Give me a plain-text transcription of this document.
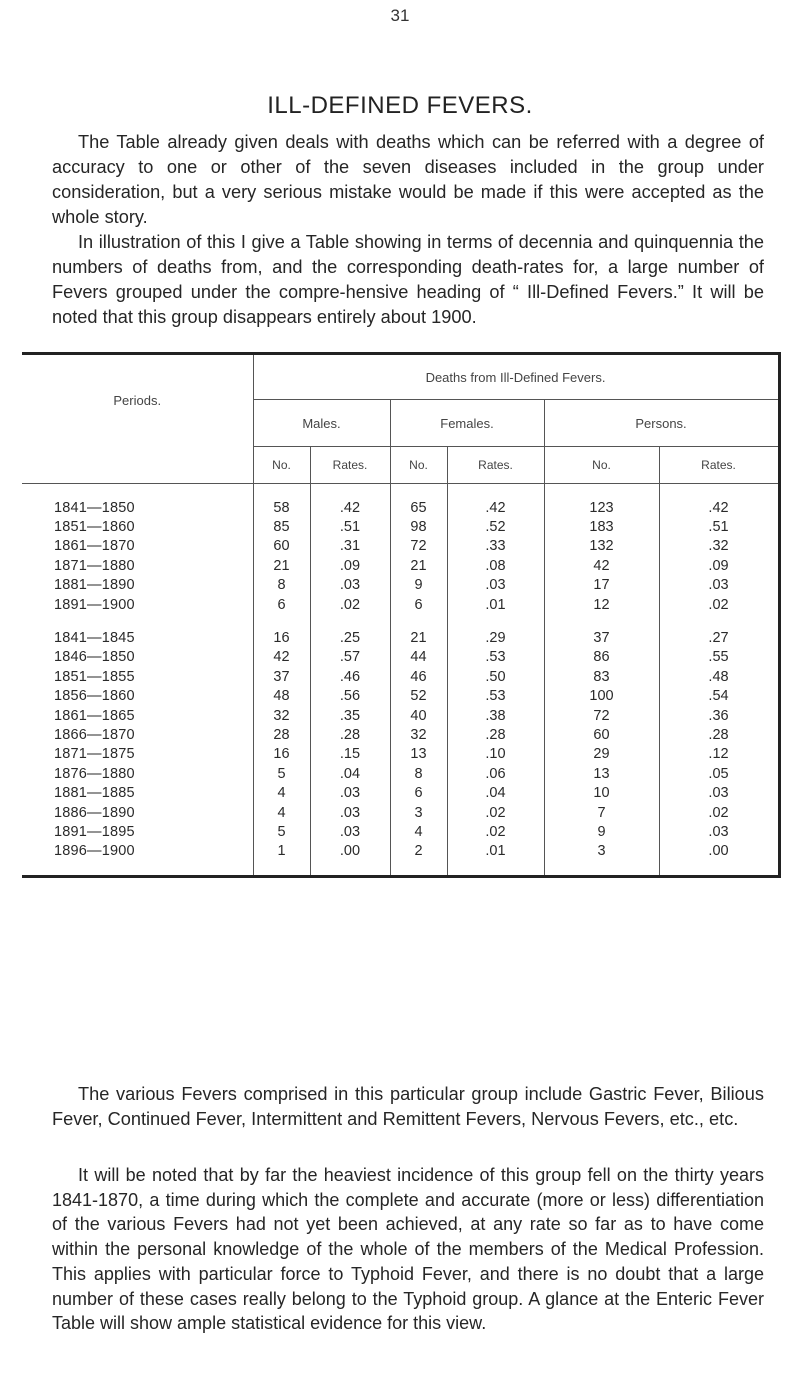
31
ILL-DEFINED FEVERS.

The Table already given deals with deaths which can be referred with a degree of accuracy to one or other of the seven diseases included in the group under consideration, but a very serious mistake would be made if this were accepted as the whole story.

In illustration of this I give a Table showing in terms of decennia and quinquennia the numbers of deaths from, and the corresponding death-rates for, a large number of Fevers grouped under the compre-hensive heading of “ Ill-Defined Fevers.” It will be noted that this group disappears entirely about 1900.

Periods.	Deaths from Ill-Defined Fevers.					
	Males.		Females.		Persons.	
	No.	Rates.	No.	Rates.	No.	Rates.

1841—1850	58	.42	65	.42	123	.42
1851—1860	85	.51	98	.52	183	.51
1861—1870	60	.31	72	.33	132	.32
1871—1880	21	.09	21	.08	42	.09
1881—1890	8	.03	9	.03	17	.03
1891—1900	6	.02	6	.01	12	.02

1841—1845	16	.25	21	.29	37	.27
1846—1850	42	.57	44	.53	86	.55
1851—1855	37	.46	46	.50	83	.48
1856—1860	48	.56	52	.53	100	.54
1861—1865	32	.35	40	.38	72	.36
1866—1870	28	.28	32	.28	60	.28
1871—1875	16	.15	13	.10	29	.12
1876—1880	5	.04	8	.06	13	.05
1881—1885	4	.03	6	.04	10	.03
1886—1890	4	.03	3	.02	7	.02
1891—1895	5	.03	4	.02	9	.03
1896—1900	1	.00	2	.01	3	.00

The various Fevers comprised in this particular group include Gastric Fever, Bilious Fever, Continued Fever, Intermittent and Remittent Fevers, Nervous Fevers, etc., etc.

It will be noted that by far the heaviest incidence of this group fell on the thirty years 1841-1870, a time during which the complete and accurate (more or less) differentiation of the various Fevers had not yet been achieved, at any rate so far as to have come within the personal knowledge of the whole of the members of the Medical Profession. This applies with particular force to Typhoid Fever, and there is no doubt that a large number of these cases really belong to the Typhoid group. A glance at the Enteric Fever Table will show ample statistical evidence for this view.
